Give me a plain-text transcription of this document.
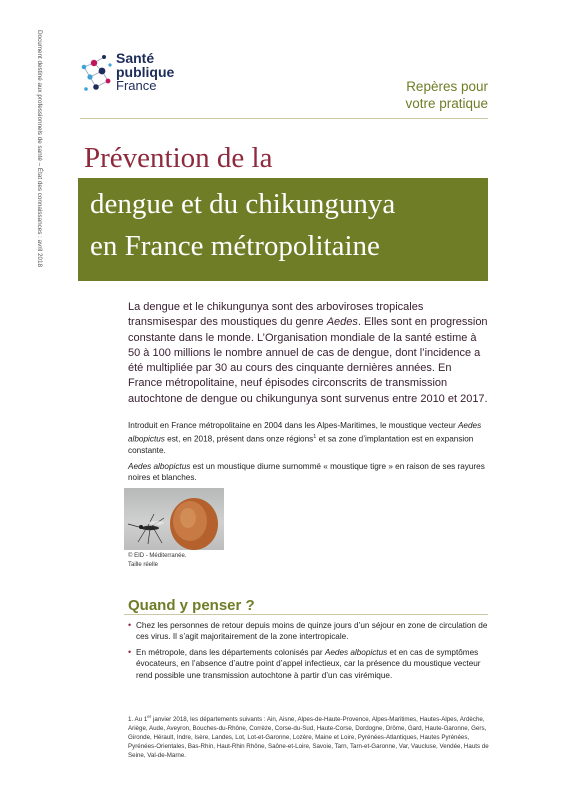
Document destiné aux professionnels de santé – État des connaissances : avril 2018	Santé
publique
France	Repères pour
votre pratique
Prévention de la
dengue et du chikungunya
en France métropolitaine

La dengue et le chikungunya sont des arboviroses tropicales transmisespar des moustiques du genre Aedes. Elles sont en progression constante dans le monde. L’Organisation mondiale de la santé estime à 50 à 100 millions le nombre annuel de cas de dengue, dont l’incidence a été multipliée par 30 au cours des cinquante dernières années. En France métropolitaine, neuf épisodes circonscrits de transmission autochtone de dengue ou chikungunya sont survenus entre 2010 et 2017.

Introduit en France métropolitaine en 2004 dans les Alpes-Maritimes, le moustique vecteur Aedes albopictus est, en 2018, présent dans onze régions$^1$ et sa zone d’implantation est en expansion constante.

Aedes albopictus est un moustique diurne surnommé « moustique tigre » en raison de ses rayures noires et blanches.

© EID - Méditerranée.
Taille réelle
Quand y penser ?
• Chez les personnes de retour depuis moins de quinze jours d’un séjour en zone de circulation de ces virus. Il s’agit majoritairement de la zone intertropicale.
• En métropole, dans les départements colonisés par Aedes albopictus et en cas de symptômes évocateurs, en l’absence d’autre point d’appel infectieux, car la présence du moustique vecteur rend possible une transmission autochtone à partir d’un cas virémique.
1. Au 1er janvier 2018, les départements suivants : Ain, Aisne, Alpes-de-Haute-Provence, Alpes-Maritimes, Hautes-Alpes, Ardèche, Ariège, Aude, Aveyron, Bouches-du-Rhône, Corrèze, Corse-du-Sud, Haute-Corse, Dordogne, Drôme, Gard, Haute-Garonne, Gers, Gironde, Hérault, Indre, Isère, Landes, Lot, Lot-et-Garonne, Lozère, Maine et Loire, Pyrénées-Atlantiques, Hautes Pyrénées, Pyrénées-Orientales, Bas-Rhin, Haut-Rhin Rhône, Saône-et-Loire, Savoie, Tarn, Tarn-et-Garonne, Var, Vaucluse, Vendée, Hauts de Seine, Val-de-Marne.
